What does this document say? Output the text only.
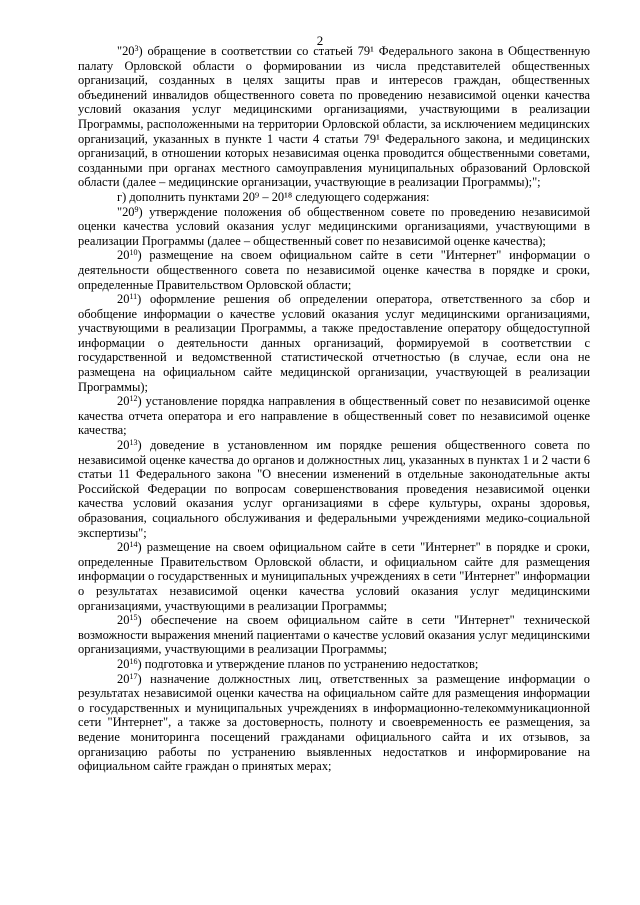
2

"$20^3$) обращение в соответствии со статьей 79¹ Федерального закона в Общественную палату Орловской области о формировании из числа представителей общественных организаций, созданных в целях защиты прав и интересов граждан, общественных объединений инвалидов общественного совета по проведению независимой оценки качества условий оказания услуг медицинскими организациями, участвующими в реализации Программы, расположенными на территории Орловской области, за исключением медицинских организаций, указанных в пункте 1 части 4 статьи 79¹ Федерального закона, и медицинских организаций, в отношении которых независимая оценка проводится общественными советами, созданными при органах местного самоуправления муниципальных образований Орловской области (далее – медицинские организации, участвующие в реализации Программы);";

г) дополнить пунктами 20⁹ – 20¹⁸ следующего содержания:

"$20^9$) утверждение положения об общественном совете по проведению независимой оценки качества условий оказания услуг медицинскими организациями, участвующими в реализации Программы (далее – общественный совет по независимой оценке качества);

$20^{10}$) размещение на своем официальном сайте в сети "Интернет" информации о деятельности общественного совета по независимой оценке качества в порядке и сроки, определенные Правительством Орловской области;

$20^{11}$) оформление решения об определении оператора, ответственного за сбор и обобщение информации о качестве условий оказания услуг медицинскими организациями, участвующими в реализации Программы, а также предоставление оператору общедоступной информации о деятельности данных организаций, формируемой в соответствии с государственной и ведомственной статистической отчетностью (в случае, если она не размещена на официальном сайте медицинской организации, участвующей в реализации Программы);

$20^{12}$) установление порядка направления в общественный совет по независимой оценке качества отчета оператора и его направление в общественный совет по независимой оценке качества;

$20^{13}$) доведение в установленном им порядке решения общественного совета по независимой оценке качества до органов и должностных лиц, указанных в пунктах 1 и 2 части 6 статьи 11 Федерального закона "О внесении изменений в отдельные законодательные акты Российской Федерации по вопросам совершенствования проведения независимой оценки качества условий оказания услуг организациями в сфере культуры, охраны здоровья, образования, социального обслуживания и федеральными учреждениями медико-социальной экспертизы";

$20^{14}$) размещение на своем официальном сайте в сети "Интернет" в порядке и сроки, определенные Правительством Орловской области, и официальном сайте для размещения информации о государственных и муниципальных учреждениях в сети "Интернет" информации о результатах независимой оценки качества условий оказания услуг медицинскими организациями, участвующими в реализации Программы;

$20^{15}$) обеспечение на своем официальном сайте в сети "Интернет" технической возможности выражения мнений пациентами о качестве условий оказания услуг медицинскими организациями, участвующими в реализации Программы;

$20^{16}$) подготовка и утверждение планов по устранению недостатков;

$20^{17}$) назначение должностных лиц, ответственных за размещение информации о результатах независимой оценки качества на официальном сайте для размещения информации о государственных и муниципальных учреждениях в информационно-телекоммуникационной сети "Интернет", а также за достоверность, полноту и своевременность ее размещения, за ведение мониторинга посещений гражданами официального сайта и их отзывов, за организацию работы по устранению выявленных недостатков и информирование на официальном сайте граждан о принятых мерах;
